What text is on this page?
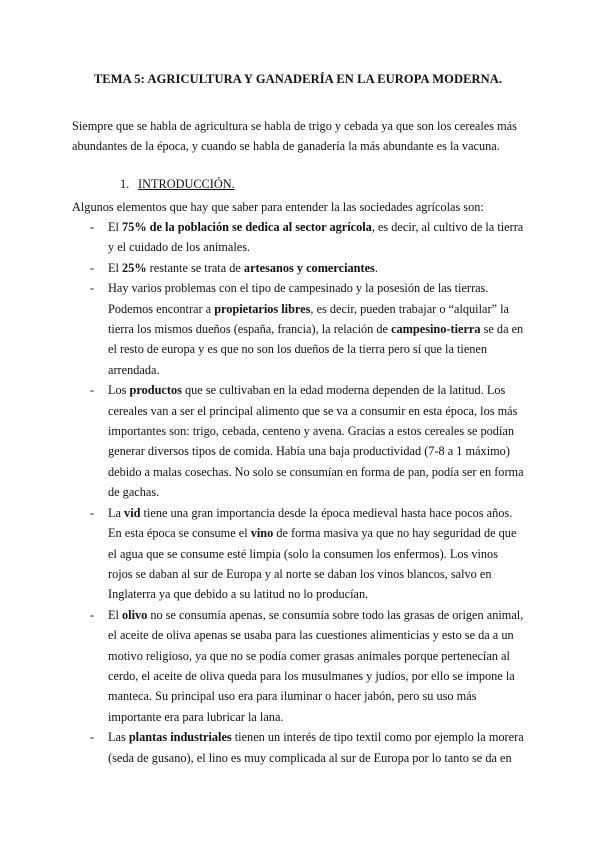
TEMA 5: AGRICULTURA Y GANADERÍA EN LA EUROPA MODERNA.
Siempre que se habla de agricultura se habla de trigo y cebada ya que son los cereales más abundantes de la época, y cuando se habla de ganadería la más abundante es la vacuna.
1. INTRODUCCIÓN.
Algunos elementos que hay que saber para entender la las sociedades agrícolas son:
- El 75% de la población se dedica al sector agrícola, es decir, al cultivo de la tierra y el cuidado de los animales.
- El 25% restante se trata de artesanos y comerciantes.
- Hay varios problemas con el tipo de campesinado y la posesión de las tierras. Podemos encontrar a propietarios libres, es decir, pueden trabajar o “alquilar” la tierra los mismos dueños (españa, francia), la relación de campesino-tierra se da en el resto de europa y es que no son los dueños de la tierra pero sí que la tienen arrendada.
- Los productos que se cultivaban en la edad moderna dependen de la latitud. Los cereales van a ser el principal alimento que se va a consumir en esta época, los más importantes son: trigo, cebada, centeno y avena. Gracias a estos cereales se podían generar diversos tipos de comida. Había una baja productividad (7-8 a 1 máximo) debido a malas cosechas. No solo se consumían en forma de pan, podía ser en forma de gachas.
- La vid tiene una gran importancia desde la época medieval hasta hace pocos años. En esta época se consume el vino de forma masiva ya que no hay seguridad de que el agua que se consume esté limpia (solo la consumen los enfermos). Los vinos rojos se daban al sur de Europa y al norte se daban los vinos blancos, salvo en Inglaterra ya que debido a su latitud no lo producían.
- El olivo no se consumía apenas, se consumía sobre todo las grasas de origen animal, el aceite de oliva apenas se usaba para las cuestiones alimenticias y esto se da a un motivo religioso, ya que no se podía comer grasas animales porque pertenecían al cerdo, el aceite de oliva queda para los musulmanes y judíos, por ello se impone la manteca. Su principal uso era para iluminar o hacer jabón, pero su uso más importante era para lubricar la lana.
- Las plantas industriales tienen un interés de tipo textil como por ejemplo la morera (seda de gusano), el lino es muy complicada al sur de Europa por lo tanto se da en
